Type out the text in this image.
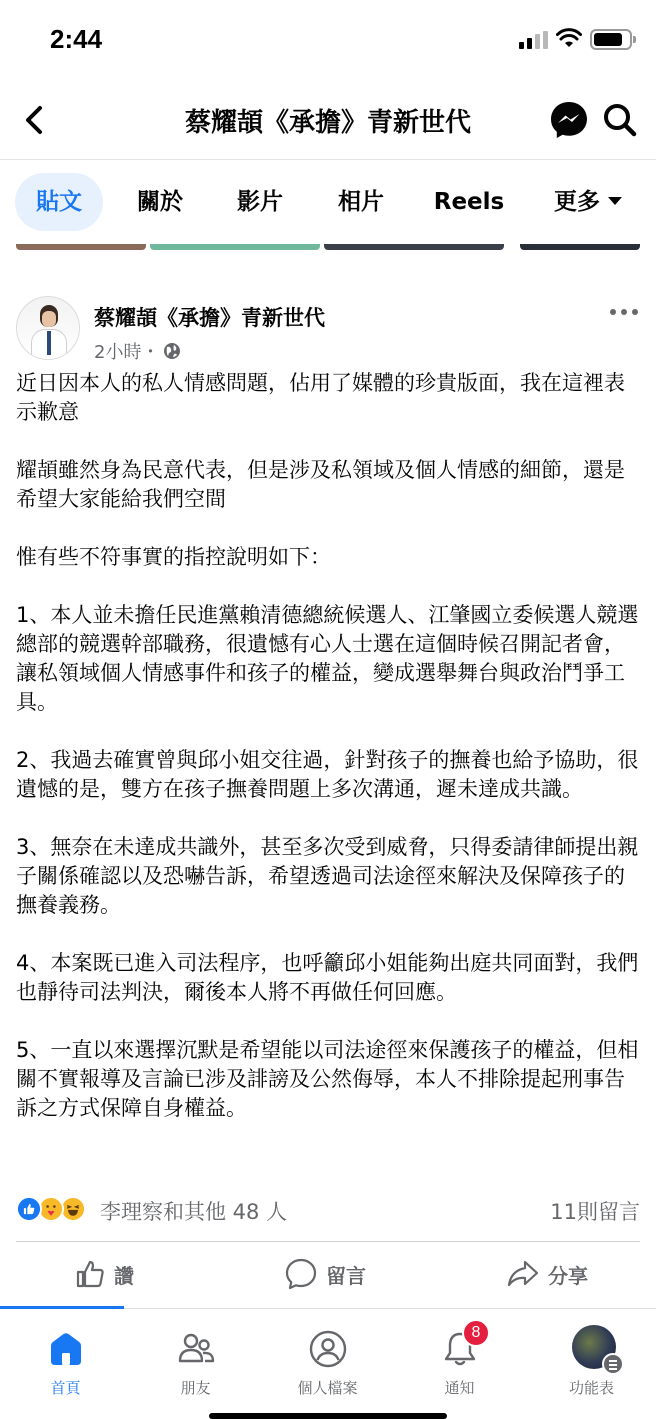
2:44
蔡耀頡《承擔》青新世代
貼文	關於	影片	相片	Reels	更多
蔡耀頡《承擔》青新世代
2小時・

近日因本人的私人情感問題，佔用了媒體的珍貴版面，我在這裡表示歉意

耀頡雖然身為民意代表，但是涉及私領域及個人情感的細節，還是希望大家能給我們空間

惟有些不符事實的指控說明如下：

1、本人並未擔任民進黨賴清德總統候選人、江肇國立委候選人競選總部的競選幹部職務，很遺憾有心人士選在這個時候召開記者會，讓私領域個人情感事件和孩子的權益，變成選舉舞台與政治鬥爭工具。

2、我過去確實曾與邱小姐交往過，針對孩子的撫養也給予協助，很遺憾的是，雙方在孩子撫養問題上多次溝通，遲未達成共識。

3、無奈在未達成共識外，甚至多次受到威脅，只得委請律師提出親子關係確認以及恐嚇告訴，希望透過司法途徑來解決及保障孩子的撫養義務。

4、本案既已進入司法程序，也呼籲邱小姐能夠出庭共同面對，我們也靜待司法判決，爾後本人將不再做任何回應。

5、一直以來選擇沉默是希望能以司法途徑來保護孩子的權益，但相關不實報導及言論已涉及誹謗及公然侮辱，本人不排除提起刑事告訴之方式保障自身權益。

李理察和其他 48 人	11則留言
讚	留言	分享
首頁	朋友	個人檔案
8
通知	功能表
